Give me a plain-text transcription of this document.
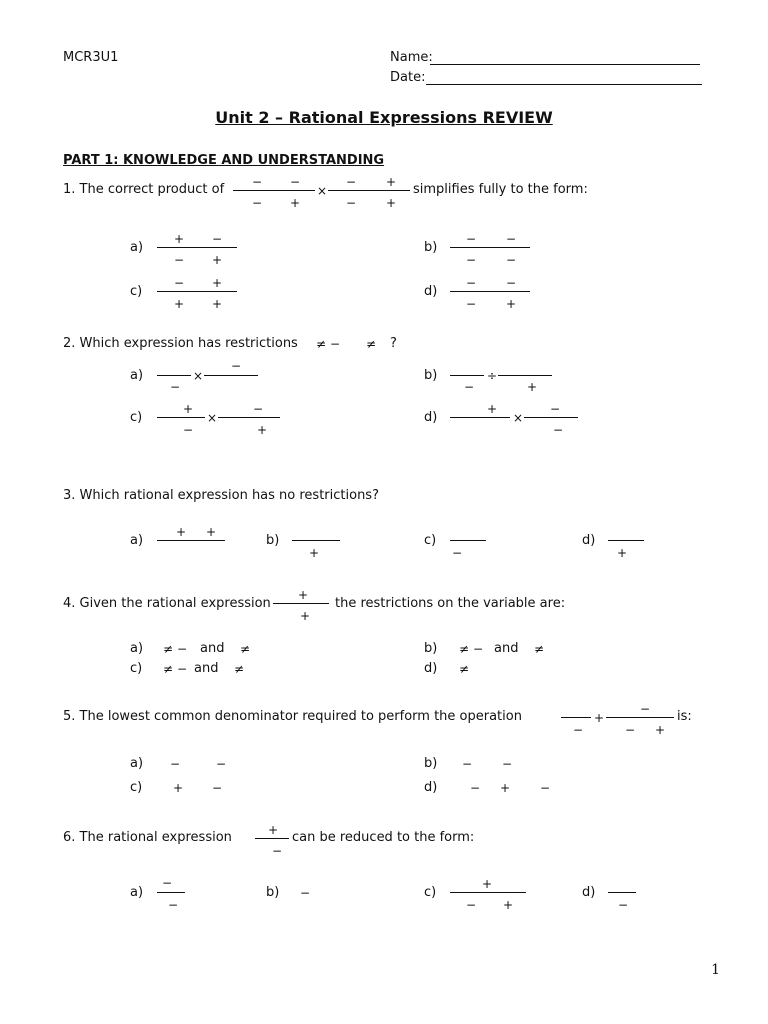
MCR3U1	Name:
Date:
Unit 2 – Rational Expressions REVIEW
PART 1: KNOWLEDGE AND UNDERSTANDING
1. The correct product of − −
− +
×
− +
− +
simplifies fully to the form:
a)
+ −
− +
b)
− −
− −
c)
− +
+ +
d)
− −
− +
2. Which expression has restrictions ≠ − ≠ ?
a)
−
×
−
b)
−
÷
+
c)
+
−
×
−
+
d)
+
×
−
−
3. Which rational expression has no restrictions?
a)
+ +
b)
+
c)
−
d)
+
4. Given the rational expression
+
+
the restrictions on the variable are:
a) ≠ − and ≠	b) ≠ − and ≠
c) ≠ − and ≠	d) ≠
5. The lowest common denominator required to perform the operation
−
+
−
− +
is:
a) −	−	b) − −
c)	+ −	d)	− + −
6. The rational expression	+
−
can be reduced to the form:
a)
−
−
b) −	c)
+
− +
d)
−
1
